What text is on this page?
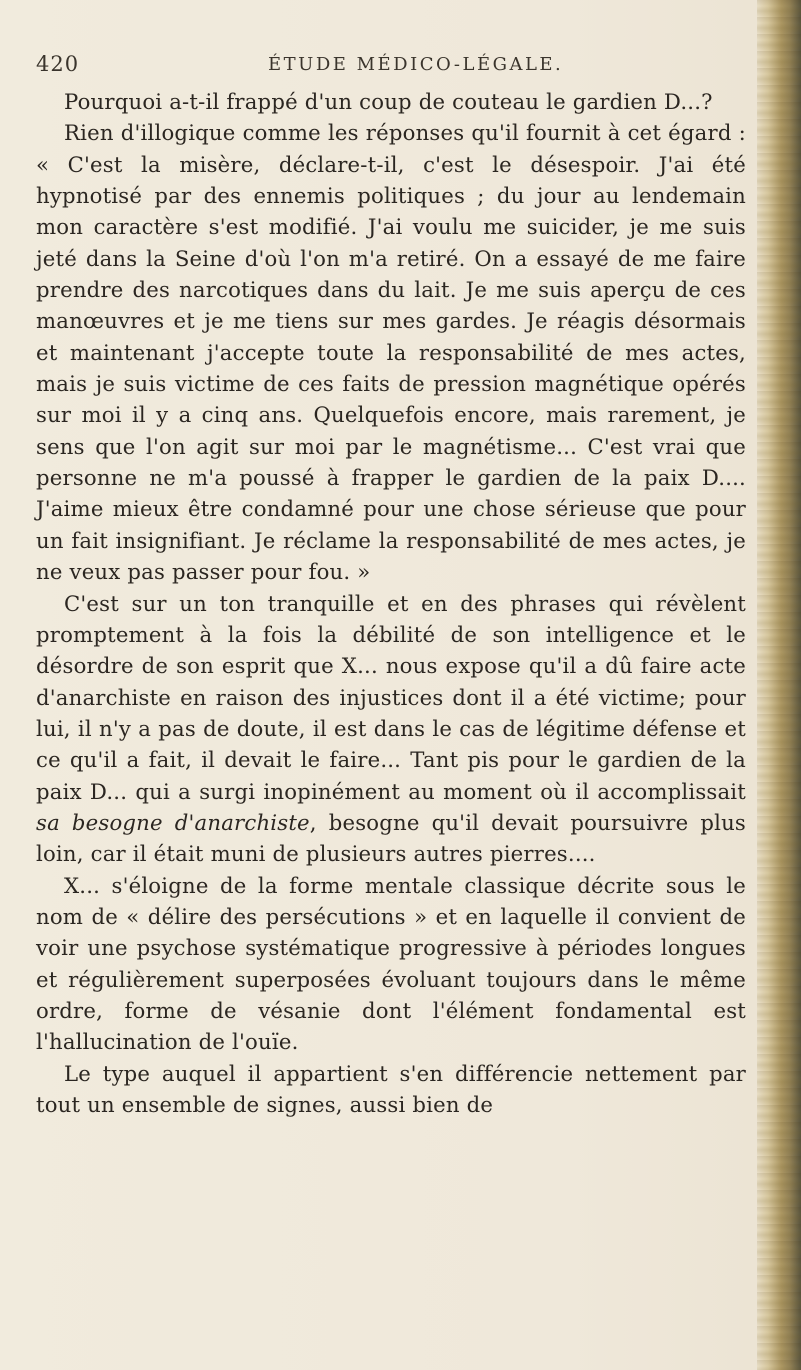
420	ÉTUDE MÉDICO-LÉGALE.

Pourquoi a-t-il frappé d'un coup de couteau le gardien D...?

Rien d'illogique comme les réponses qu'il fournit à cet égard : « C'est la misère, déclare-t-il, c'est le désespoir. J'ai été hypnotisé par des ennemis politiques ; du jour au lendemain mon caractère s'est modifié. J'ai voulu me suicider, je me suis jeté dans la Seine d'où l'on m'a retiré. On a essayé de me faire prendre des narcotiques dans du lait. Je me suis aperçu de ces manœuvres et je me tiens sur mes gardes. Je réagis désormais et maintenant j'accepte toute la responsabilité de mes actes, mais je suis victime de ces faits de pression magnétique opérés sur moi il y a cinq ans. Quelquefois encore, mais rarement, je sens que l'on agit sur moi par le magnétisme... C'est vrai que personne ne m'a poussé à frapper le gardien de la paix D.... J'aime mieux être condamné pour une chose sérieuse que pour un fait insignifiant. Je réclame la responsabilité de mes actes, je ne veux pas passer pour fou. »

C'est sur un ton tranquille et en des phrases qui révèlent promptement à la fois la débilité de son intelligence et le désordre de son esprit que X... nous expose qu'il a dû faire acte d'anarchiste en raison des injustices dont il a été victime; pour lui, il n'y a pas de doute, il est dans le cas de légitime défense et ce qu'il a fait, il devait le faire... Tant pis pour le gardien de la paix D... qui a surgi inopinément au moment où il accomplissait sa besogne d'anarchiste, besogne qu'il devait poursuivre plus loin, car il était muni de plusieurs autres pierres....

X... s'éloigne de la forme mentale classique décrite sous le nom de « délire des persécutions » et en laquelle il convient de voir une psychose systématique progressive à périodes longues et régulièrement superposées évoluant toujours dans le même ordre, forme de vésanie dont l'élément fondamental est l'hallucination de l'ouïe.

Le type auquel il appartient s'en différencie nettement par tout un ensemble de signes, aussi bien de
